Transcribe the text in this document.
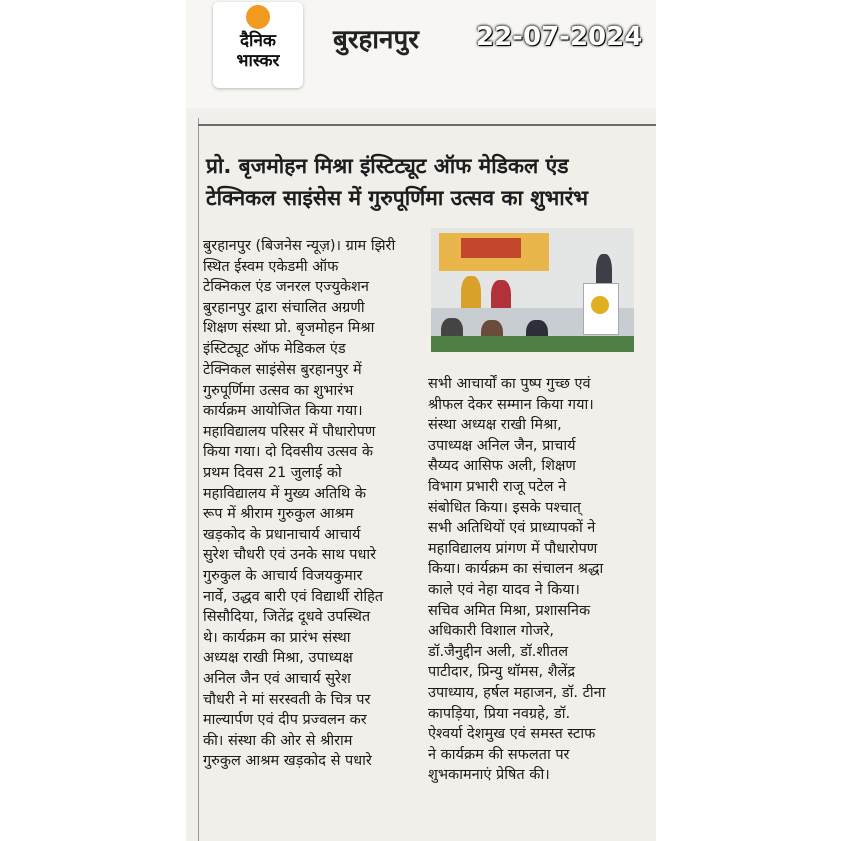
दैनिक
भास्कर
बुरहानपुर 22-07-2024
प्रो. बृजमोहन मिश्रा इंस्टिट्यूट ऑफ मेडिकल एंड
टेक्निकल साइंसेस में गुरुपूर्णिमा उत्सव का शुभारंभ

बुरहानपुर (बिजनेस न्यूज़)। ग्राम झिरी

स्थित ईस्वम एकेडमी ऑफ

टेक्निकल एंड जनरल एज्युकेशन

बुरहानपुर द्वारा संचालित अग्रणी

शिक्षण संस्था प्रो. बृजमोहन मिश्रा

इंस्टिट्यूट ऑफ मेडिकल एंड

टेक्निकल साइंसेस बुरहानपुर में

गुरुपूर्णिमा उत्सव का शुभारंभ

कार्यक्रम आयोजित किया गया।

महाविद्यालय परिसर में पौधारोपण

किया गया। दो दिवसीय उत्सव के

प्रथम दिवस 21 जुलाई को

महाविद्यालय में मुख्य अतिथि के

रूप में श्रीराम गुरुकुल आश्रम

खड़कोद के प्रधानाचार्य आचार्य

सुरेश चौधरी एवं उनके साथ पधारे

गुरुकुल के आचार्य विजयकुमार

नार्वे, उद्धव बारी एवं विद्यार्थी रोहित

सिसौदिया, जितेंद्र दूधवे उपस्थित

थे। कार्यक्रम का प्रारंभ संस्था

अध्यक्ष राखी मिश्रा, उपाध्यक्ष

अनिल जैन एवं आचार्य सुरेश

चौधरी ने मां सरस्वती के चित्र पर

माल्यार्पण एवं दीप प्रज्वलन कर

की। संस्था की ओर से श्रीराम

गुरुकुल आश्रम खड़कोद से पधारे

सभी आचार्यों का पुष्प गुच्छ एवं

श्रीफल देकर सम्मान किया गया।

संस्था अध्यक्ष राखी मिश्रा,

उपाध्यक्ष अनिल जैन, प्राचार्य

सैय्यद आसिफ अली, शिक्षण

विभाग प्रभारी राजू पटेल ने

संबोधित किया। इसके पश्चात्

सभी अतिथियों एवं प्राध्यापकों ने

महाविद्यालय प्रांगण में पौधारोपण

किया। कार्यक्रम का संचालन श्रद्धा

काले एवं नेहा यादव ने किया।

सचिव अमित मिश्रा, प्रशासनिक

अधिकारी विशाल गोजरे,

डॉ.जैनुद्दीन अली, डॉ.शीतल

पाटीदार, प्रिन्यु थॉमस, शैलेंद्र

उपाध्याय, हर्षल महाजन, डॉ. टीना

कापड़िया, प्रिया नवग्रहे, डॉ.

ऐश्वर्या देशमुख एवं समस्त स्टाफ

ने कार्यक्रम की सफलता पर

शुभकामनाएं प्रेषित की।
